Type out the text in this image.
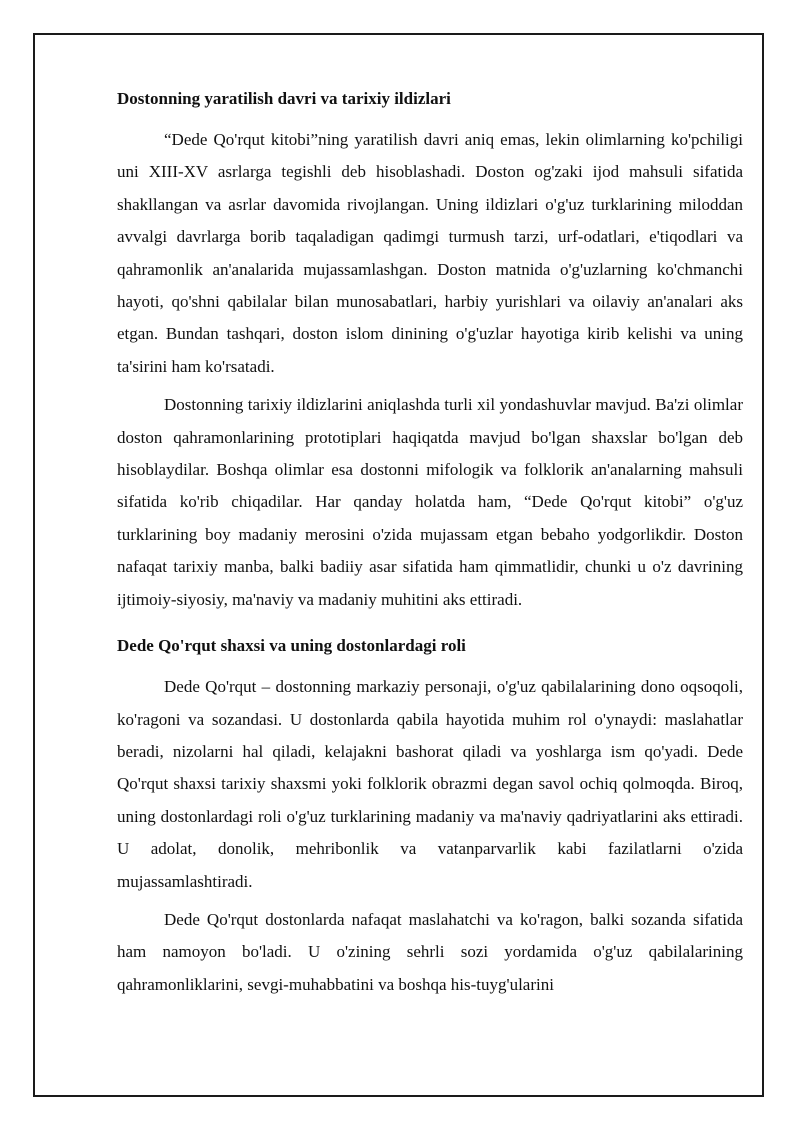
Dostonning yaratilish davri va tarixiy ildizlari

“Dede Qo'rqut kitobi”ning yaratilish davri aniq emas, lekin olimlarning ko'pchiligi uni XIII-XV asrlarga tegishli deb hisoblashadi. Doston og'zaki ijod mahsuli sifatida shakllangan va asrlar davomida rivojlangan. Uning ildizlari o'g'uz turklarining miloddan avvalgi davrlarga borib taqaladigan qadimgi turmush tarzi, urf-odatlari, e'tiqodlari va qahramonlik an'analarida mujassamlashgan. Doston matnida o'g'uzlarning ko'chmanchi hayoti, qo'shni qabilalar bilan munosabatlari, harbiy yurishlari va oilaviy an'analari aks etgan. Bundan tashqari, doston islom dinining o'g'uzlar hayotiga kirib kelishi va uning ta'sirini ham ko'rsatadi.

Dostonning tarixiy ildizlarini aniqlashda turli xil yondashuvlar mavjud. Ba'zi olimlar doston qahramonlarining prototiplari haqiqatda mavjud bo'lgan shaxslar bo'lgan deb hisoblaydilar. Boshqa olimlar esa dostonni mifologik va folklorik an'analarning mahsuli sifatida ko'rib chiqadilar. Har qanday holatda ham, “Dede Qo'rqut kitobi” o'g'uz turklarining boy madaniy merosini o'zida mujassam etgan bebaho yodgorlikdir. Doston nafaqat tarixiy manba, balki badiiy asar sifatida ham qimmatlidir, chunki u o'z davrining ijtimoiy-siyosiy, ma'naviy va madaniy muhitini aks ettiradi.

Dede Qo'rqut shaxsi va uning dostonlardagi roli

Dede Qo'rqut – dostonning markaziy personaji, o'g'uz qabilalarining dono oqsoqoli, ko'ragoni va sozandasi. U dostonlarda qabila hayotida muhim rol o'ynaydi: maslahatlar beradi, nizolarni hal qiladi, kelajakni bashorat qiladi va yoshlarga ism qo'yadi. Dede Qo'rqut shaxsi tarixiy shaxsmi yoki folklorik obrazmi degan savol ochiq qolmoqda. Biroq, uning dostonlardagi roli o'g'uz turklarining madaniy va ma'naviy qadriyatlarini aks ettiradi. U adolat, donolik, mehribonlik va vatanparvarlik kabi fazilatlarni o'zida mujassamlashtiradi.

Dede Qo'rqut dostonlarda nafaqat maslahatchi va ko'ragon, balki sozanda sifatida ham namoyon bo'ladi. U o'zining sehrli sozi yordamida o'g'uz qabilalarining qahramonliklarini, sevgi-muhabbatini va boshqa his-tuyg'ularini
